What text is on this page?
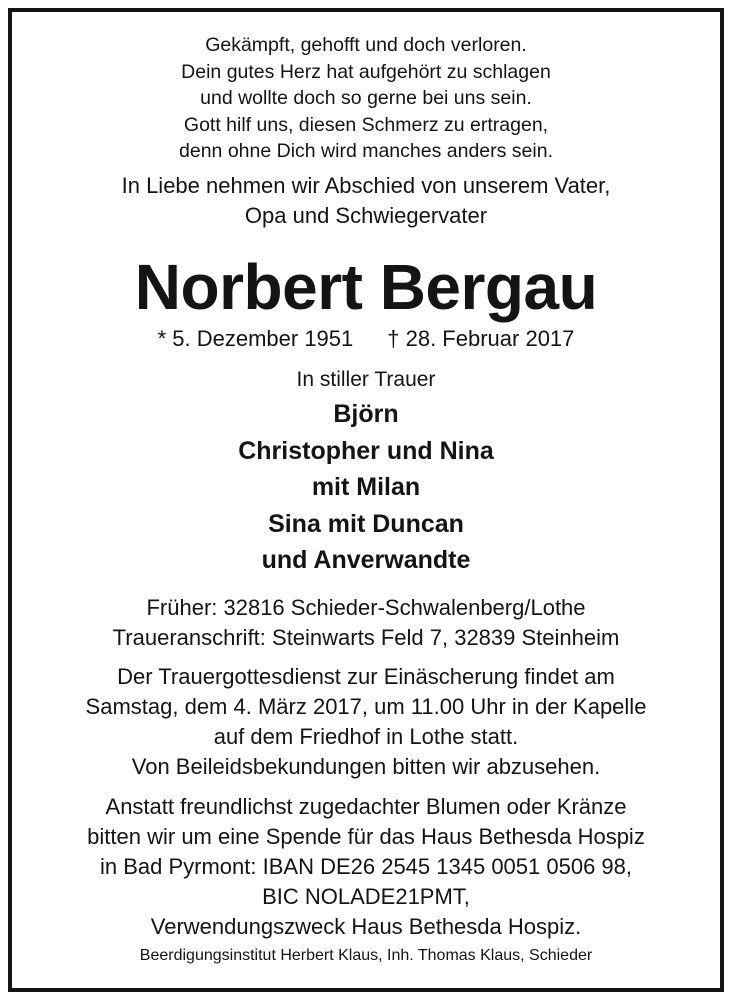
Gekämpft, gehofft und doch verloren.
Dein gutes Herz hat aufgehört zu schlagen
und wollte doch so gerne bei uns sein.
Gott hilf uns, diesen Schmerz zu ertragen,
denn ohne Dich wird manches anders sein.
In Liebe nehmen wir Abschied von unserem Vater,
Opa und Schwiegervater
Norbert Bergau
* 5. Dezember 1951 † 28. Februar 2017
In stiller Trauer
Björn
Christopher und Nina
mit Milan
Sina mit Duncan
und Anverwandte
Früher: 32816 Schieder-Schwalenberg/Lothe
Traueranschrift: Steinwarts Feld 7, 32839 Steinheim
Der Trauergottesdienst zur Einäscherung findet am
Samstag, dem 4. März 2017, um 11.00 Uhr in der Kapelle
auf dem Friedhof in Lothe statt.
Von Beileidsbekundungen bitten wir abzusehen.
Anstatt freundlichst zugedachter Blumen oder Kränze
bitten wir um eine Spende für das Haus Bethesda Hospiz
in Bad Pyrmont: IBAN DE26 2545 1345 0051 0506 98,
BIC NOLADE21PMT,
Verwendungszweck Haus Bethesda Hospiz.
Beerdigungsinstitut Herbert Klaus, Inh. Thomas Klaus, Schieder
